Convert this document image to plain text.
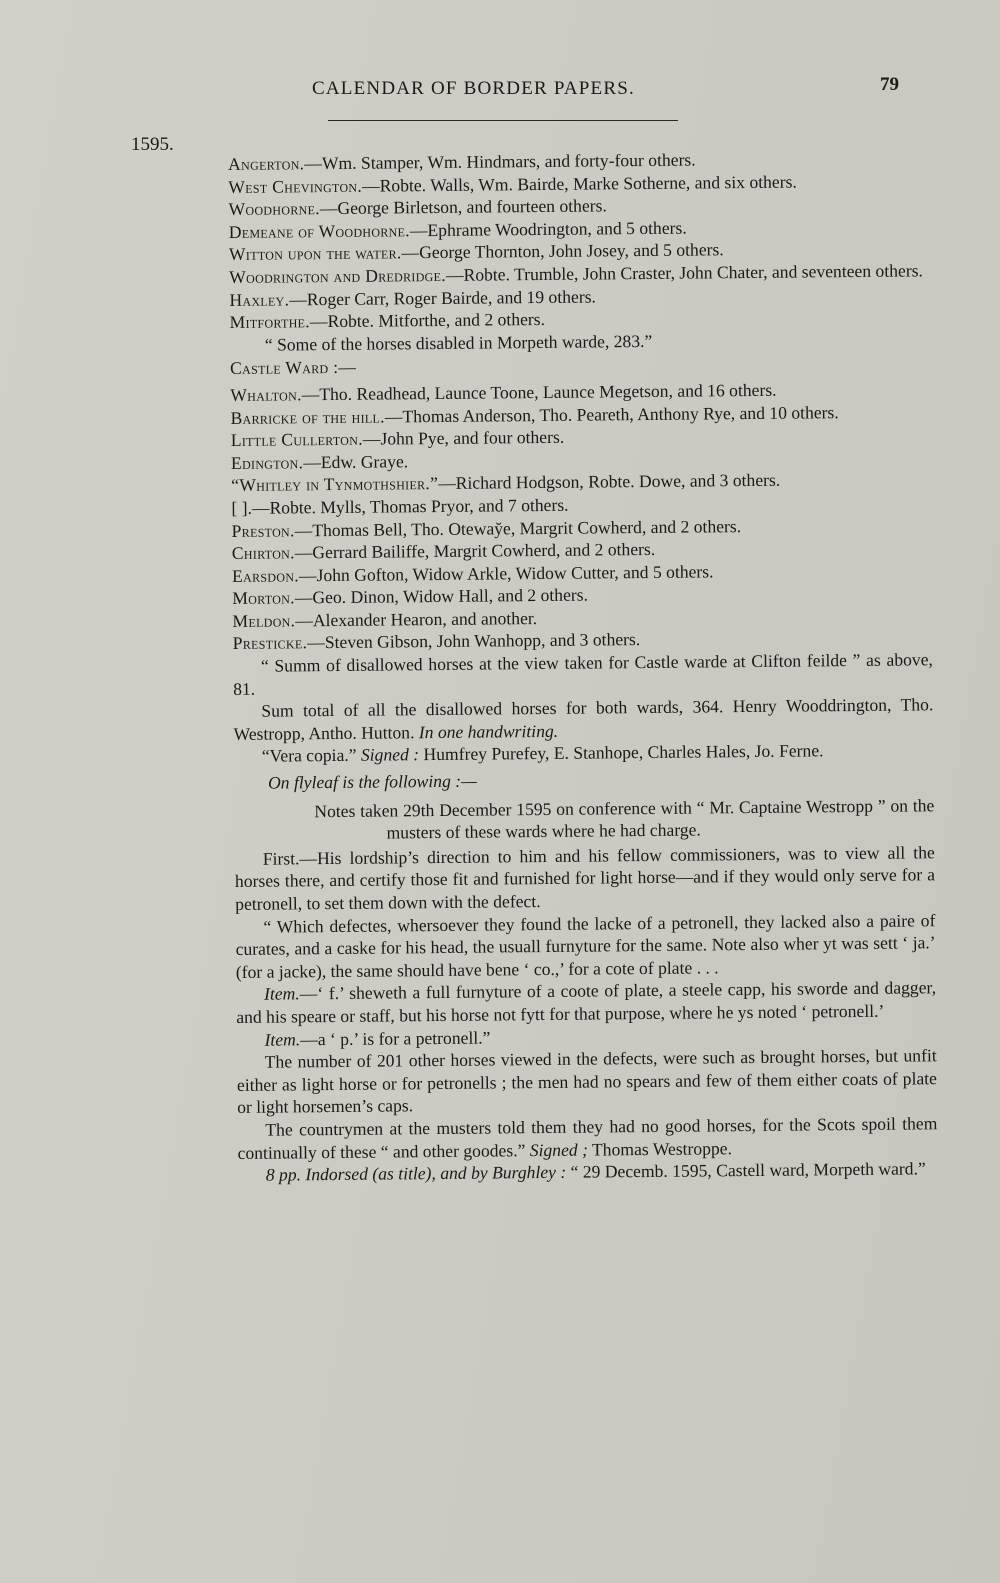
CALENDAR OF BORDER PAPERS.	79
1595.

Angerton.—Wm. Stamper, Wm. Hindmars, and forty-four others.

West Chevington.—Robte. Walls, Wm. Bairde, Marke Sotherne, and six others.

Woodhorne.—George Birletson, and fourteen others.

Demeane of Woodhorne.—Ephrame Woodrington, and 5 others.

Witton upon the water.—George Thornton, John Josey, and 5 others.

Woodrington and Dredridge.—Robte. Trumble, John Craster, John Chater, and seventeen others.

Haxley.—Roger Carr, Roger Bairde, and 19 others.

Mitforthe.—Robte. Mitforthe, and 2 others.

“ Some of the horses disabled in Morpeth warde, 283.”

Castle Ward :—

Whalton.—Tho. Readhead, Launce Toone, Launce Megetson, and 16 others.

Barricke of the hill.—Thomas Anderson, Tho. Peareth, Anthony Rye, and 10 others.

Little Cullerton.—John Pye, and four others.

Edington.—Edw. Graye.

“Whitley in Tynmothshier.”—Richard Hodgson, Robte. Dowe, and 3 others.

[ ].—Robte. Mylls, Thomas Pryor, and 7 others.

Preston.—Thomas Bell, Tho. Oteway̆e, Margrit Cowherd, and 2 others.

Chirton.—Gerrard Bailiffe, Margrit Cowherd, and 2 others.

Earsdon.—John Gofton, Widow Arkle, Widow Cutter, and 5 others.

Morton.—Geo. Dinon, Widow Hall, and 2 others.

Meldon.—Alexander Hearon, and another.

Presticke.—Steven Gibson, John Wanhopp, and 3 others.

“ Summ of disallowed horses at the view taken for Castle warde at Clifton feilde ” as above, 81.

Sum total of all the disallowed horses for both wards, 364. Henry Wooddrington, Tho. Westropp, Antho. Hutton. In one handwriting.

“Vera copia.” Signed : Humfrey Purefey, E. Stanhope, Charles Hales, Jo. Ferne.

On flyleaf is the following :—

Notes taken 29th December 1595 on conference with “ Mr. Captaine Westropp ” on the musters of these wards where he had charge.

First.—His lordship’s direction to him and his fellow commissioners, was to view all the horses there, and certify those fit and furnished for light horse—and if they would only serve for a petronell, to set them down with the defect.

“ Which defectes, whersoever they found the lacke of a petronell, they lacked also a paire of curates, and a caske for his head, the usuall furnyture for the same. Note also wher yt was sett ‘ ja.’ (for a jacke), the same should have bene ‘ co.,’ for a cote of plate . . .

Item.—‘ f.’ sheweth a full furnyture of a coote of plate, a steele capp, his sworde and dagger, and his speare or staff, but his horse not fytt for that purpose, where he ys noted ‘ petronell.’

Item.—a ‘ p.’ is for a petronell.”

The number of 201 other horses viewed in the defects, were such as brought horses, but unfit either as light horse or for petronells ; the men had no spears and few of them either coats of plate or light horsemen’s caps.

The countrymen at the musters told them they had no good horses, for the Scots spoil them continually of these “ and other goodes.” Signed ; Thomas Westroppe.

8 pp. Indorsed (as title), and by Burghley : “ 29 Decemb. 1595, Castell ward, Morpeth ward.”
